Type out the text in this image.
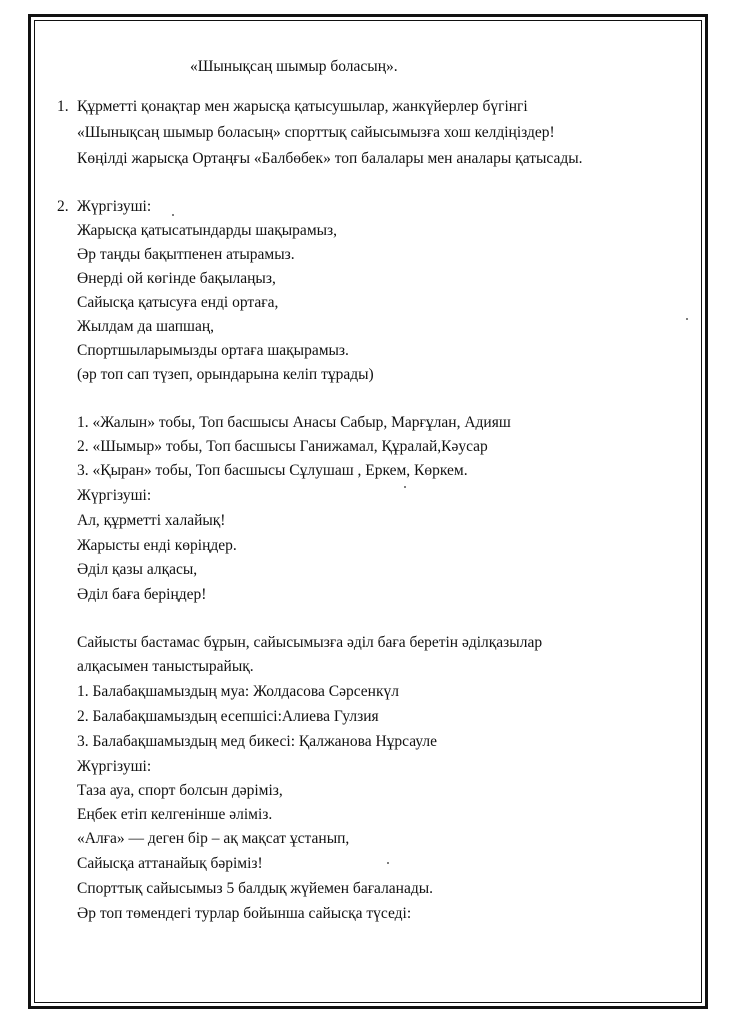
«Шынықсаң шымыр боласың».
1. Құрметті қонақтар мен жарысқа қатысушылар, жанкүйерлер бүгінгі
«Шынықсаң шымыр боласың» спорттық сайысымызға хош келдіңіздер!
Көңілді жарысқа Ортаңғы «Балбөбек» топ балалары мен аналары қатысады.
2. Жүргізуші:
Жарысқа қатысатындарды шақырамыз,
Әр таңды бақытпенен атырамыз.
Өнерді ой көгінде бақылаңыз,
Сайысқа қатысуға енді ортаға,
Жылдам да шапшаң,
Спортшыларымызды ортаға шақырамыз.
(әр топ сап түзеп, орындарына келіп тұрады)
1. «Жалын» тобы, Топ басшысы Анасы Сабыр, Марғұлан, Адияш
2. «Шымыр» тобы, Топ басшысы Ганижамал, Құралай,Кәусар
3. «Қыран» тобы, Топ басшысы Сұлушаш , Еркем, Көркем.
Жүргізуші:
Ал, құрметті халайық!
Жарысты енді көріңдер.
Әділ қазы алқасы,
Әділ баға беріңдер!
Сайысты бастамас бұрын, сайысымызға әділ баға беретін әділқазылар
алқасымен таныстырайық.
1. Балабақшамыздың муа: Жолдасова Сәрсенкүл
2. Балабақшамыздың есепшісі:Алиева Гулзия
3. Балабақшамыздың мед бикесі: Қалжанова Нұрсауле
Жүргізуші:
Таза ауа, спорт болсын дәріміз,
Еңбек етіп келгенінше әліміз.
«Алға» — деген бір – ақ мақсат ұстанып,
Сайысқа аттанайық бәріміз!
Спорттық сайысымыз 5 балдық жүйемен бағаланады.
Әр топ төмендегі турлар бойынша сайысқа түседі:
